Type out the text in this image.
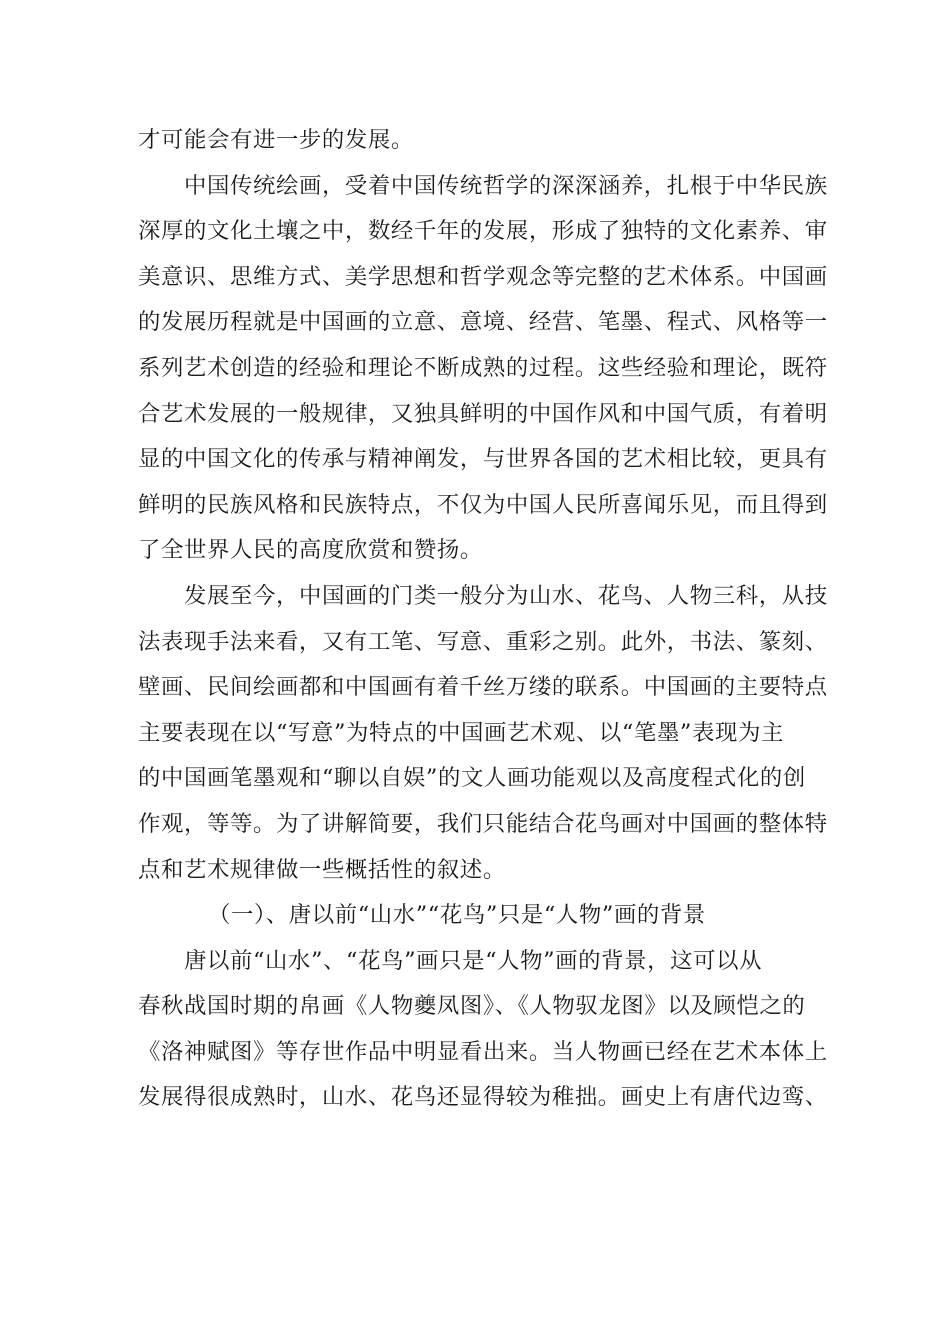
才可能会有进一步的发展。
中国传统绘画，受着中国传统哲学的深深涵养，扎根于中华民族
深厚的文化土壤之中，数经千年的发展，形成了独特的文化素养、审
美意识、思维方式、美学思想和哲学观念等完整的艺术体系。中国画
的发展历程就是中国画的立意、意境、经营、笔墨、程式、风格等一
系列艺术创造的经验和理论不断成熟的过程。这些经验和理论，既符
合艺术发展的一般规律，又独具鲜明的中国作风和中国气质，有着明
显的中国文化的传承与精神阐发，与世界各国的艺术相比较，更具有
鲜明的民族风格和民族特点，不仅为中国人民所喜闻乐见，而且得到
了全世界人民的高度欣赏和赞扬。
发展至今，中国画的门类一般分为山水、花鸟、人物三科，从技
法表现手法来看，又有工笔、写意、重彩之别。此外，书法、篆刻、
壁画、民间绘画都和中国画有着千丝万缕的联系。中国画的主要特点
主要表现在以“写意”为特点的中国画艺术观、以“笔墨”表现为主
的中国画笔墨观和“聊以自娱”的文人画功能观以及高度程式化的创
作观，等等。为了讲解简要，我们只能结合花鸟画对中国画的整体特
点和艺术规律做一些概括性的叙述。
（一）、唐以前“山水”“花鸟”只是“人物”画的背景
唐以前“山水”、“花鸟”画只是“人物”画的背景，这可以从
春秋战国时期的帛画《人物夔凤图》、《人物驭龙图》以及顾恺之的
《洛神赋图》等存世作品中明显看出来。当人物画已经在艺术本体上
发展得很成熟时，山水、花鸟还显得较为稚拙。画史上有唐代边鸾、
